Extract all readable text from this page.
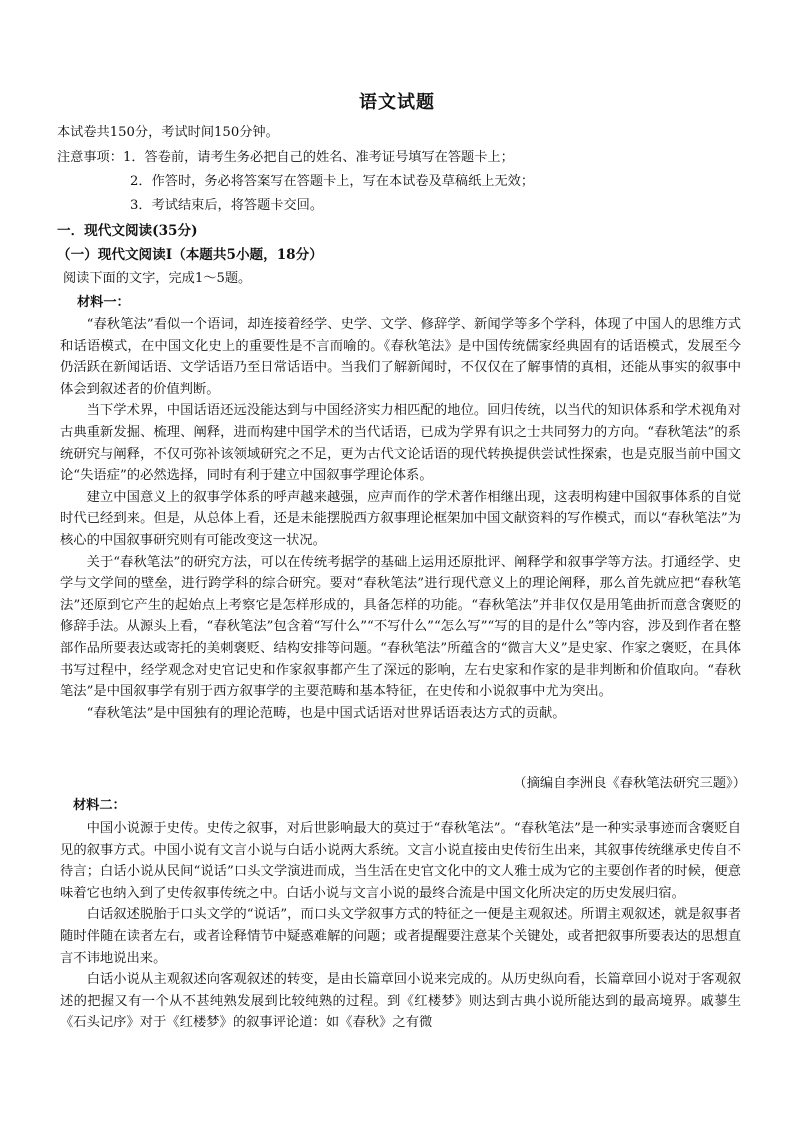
语文试题
本试卷共150分，考试时间150分钟。
注意事项：1．答卷前，请考生务必把自己的姓名、准考证号填写在答题卡上；
2．作答时，务必将答案写在答题卡上，写在本试卷及草稿纸上无效；
3．考试结束后，将答题卡交回。
一．现代文阅读(35分)
（一）现代文阅读Ⅰ（本题共5小题，18分）
阅读下面的文字，完成1～5题。
材料一：

“春秋笔法”看似一个语词，却连接着经学、史学、文学、修辞学、新闻学等多个学科，体现了中国人的思维方式和话语模式，在中国文化史上的重要性是不言而喻的。《春秋笔法》是中国传统儒家经典固有的话语模式，发展至今仍活跃在新闻话语、文学话语乃至日常话语中。当我们了解新闻时，不仅仅在了解事情的真相，还能从事实的叙事中体会到叙述者的价值判断。

当下学术界，中国话语还远没能达到与中国经济实力相匹配的地位。回归传统，以当代的知识体系和学术视角对古典重新发掘、梳理、阐释，进而构建中国学术的当代话语，已成为学界有识之士共同努力的方向。“春秋笔法”的系统研究与阐释，不仅可弥补该领域研究之不足，更为古代文论话语的现代转换提供尝试性探索，也是克服当前中国文论“失语症”的必然选择，同时有利于建立中国叙事学理论体系。

建立中国意义上的叙事学体系的呼声越来越强，应声而作的学术著作相继出现，这表明构建中国叙事体系的自觉时代已经到来。但是，从总体上看，还是未能摆脱西方叙事理论框架加中国文献资料的写作模式，而以“春秋笔法”为核心的中国叙事研究则有可能改变这一状况。

关于“春秋笔法”的研究方法，可以在传统考据学的基础上运用还原批评、阐释学和叙事学等方法。打通经学、史学与文学间的壁垒，进行跨学科的综合研究。要对“春秋笔法”进行现代意义上的理论阐释，那么首先就应把“春秋笔法”还原到它产生的起始点上考察它是怎样形成的，具备怎样的功能。“春秋笔法”并非仅仅是用笔曲折而意含褒贬的修辞手法。从源头上看，“春秋笔法”包含着“写什么”“不写什么”“怎么写”“写的目的是什么”等内容，涉及到作者在整部作品所要表达或寄托的美刺褒贬、结构安排等问题。“春秋笔法”所蕴含的“微言大义”是史家、作家之褒贬，在具体书写过程中，经学观念对史官记史和作家叙事都产生了深远的影响，左右史家和作家的是非判断和价值取向。“春秋笔法”是中国叙事学有别于西方叙事学的主要范畴和基本特征，在史传和小说叙事中尤为突出。

“春秋笔法”是中国独有的理论范畴，也是中国式话语对世界话语表达方式的贡献。

（摘编自李洲良《春秋笔法研究三题》）
材料二：

中国小说源于史传。史传之叙事，对后世影响最大的莫过于“春秋笔法”。“春秋笔法”是一种实录事迹而含褒贬自见的叙事方式。中国小说有文言小说与白话小说两大系统。文言小说直接由史传衍生出来，其叙事传统继承史传自不待言；白话小说从民间“说话”口头文学演进而成，当生活在史官文化中的文人雅士成为它的主要创作者的时候，便意味着它也纳入到了史传叙事传统之中。白话小说与文言小说的最终合流是中国文化所决定的历史发展归宿。

白话叙述脱胎于口头文学的“说话”，而口头文学叙事方式的特征之一便是主观叙述。所谓主观叙述，就是叙事者随时伴随在读者左右，或者诠释情节中疑惑难解的问题；或者提醒要注意某个关键处，或者把叙事所要表达的思想直言不讳地说出来。

白话小说从主观叙述向客观叙述的转变，是由长篇章回小说来完成的。从历史纵向看，长篇章回小说对于客观叙述的把握又有一个从不甚纯熟发展到比较纯熟的过程。到《红楼梦》则达到古典小说所能达到的最高境界。戚蓼生《石头记序》对于《红楼梦》的叙事评论道：如《春秋》之有微
